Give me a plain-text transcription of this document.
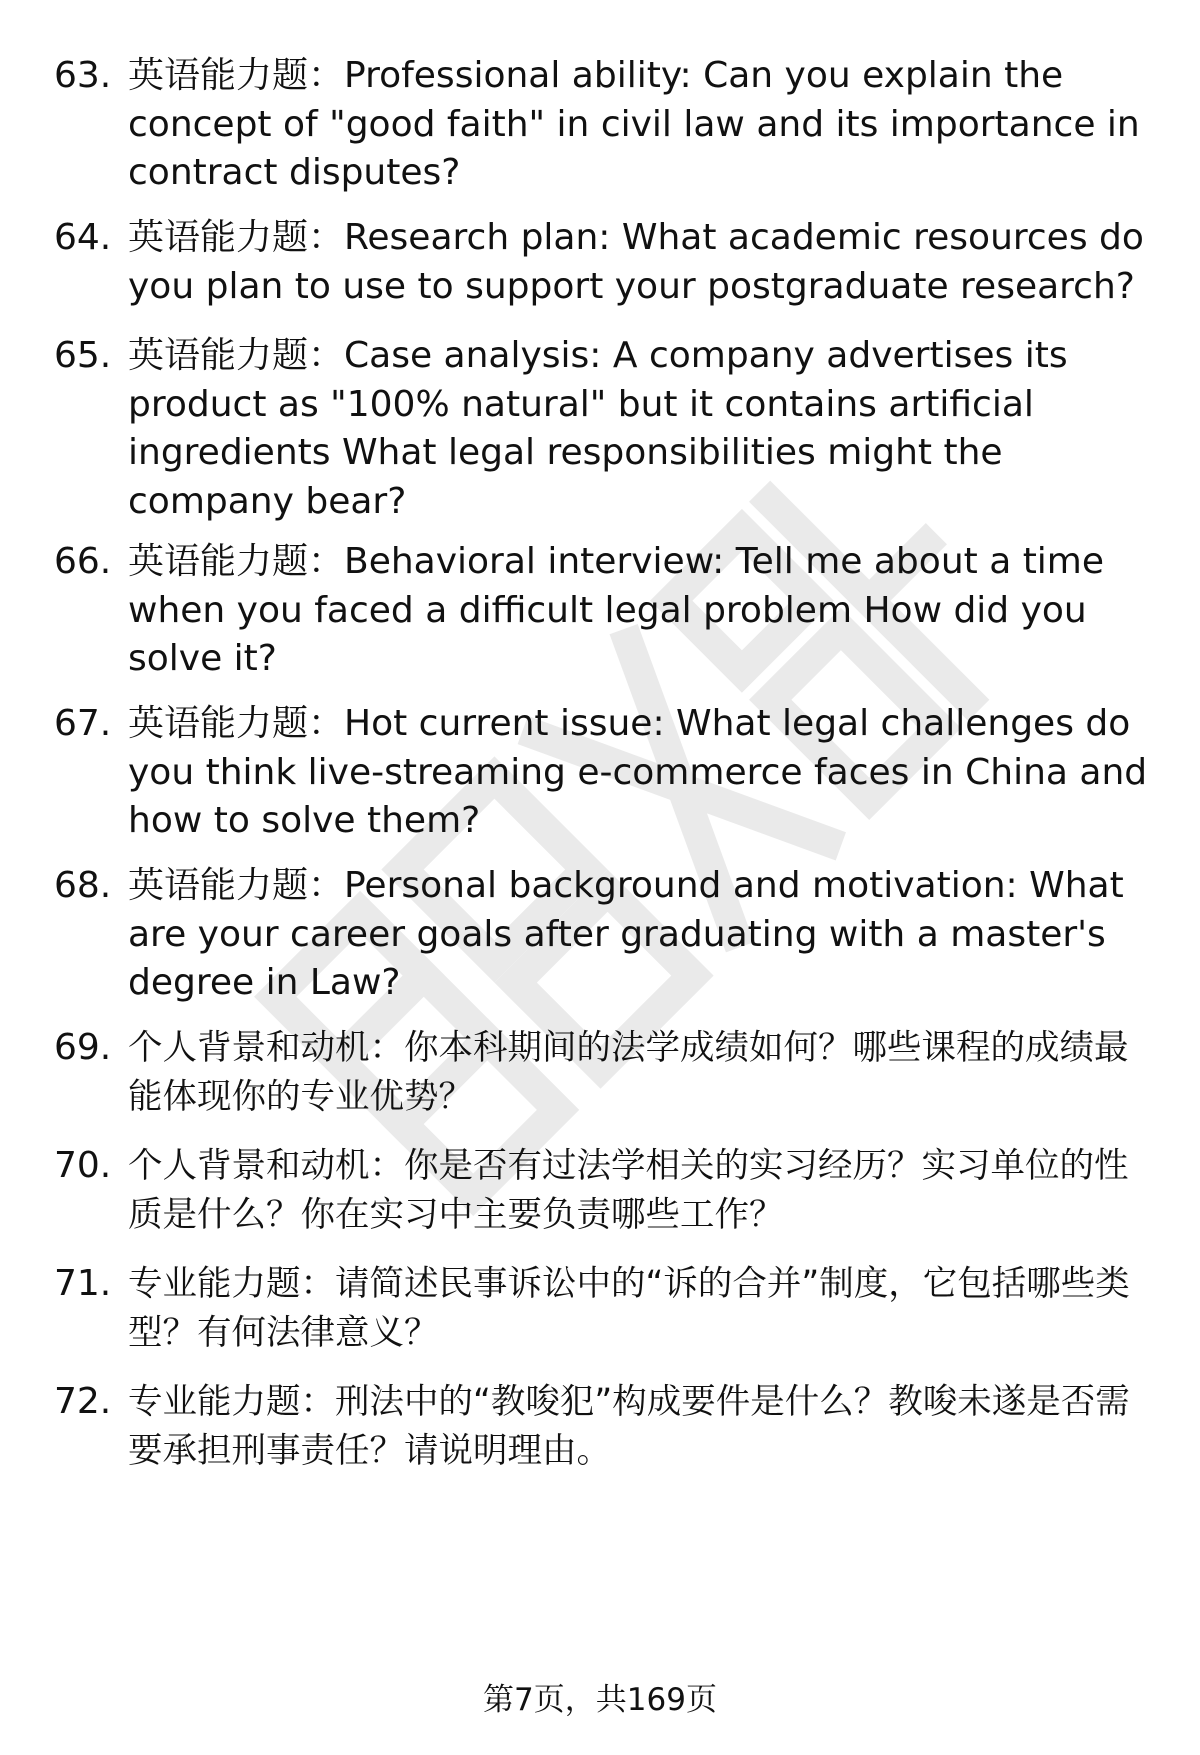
63. 英语能力题：Professional ability: Can you explain the concept of "good faith" in civil law and its importance in contract disputes?
64. 英语能力题：Research plan: What academic resources do you plan to use to support your postgraduate research?
65. 英语能力题：Case analysis: A company advertises its product as "100% natural" but it contains artificial ingredients What legal responsibilities might the company bear?
66. 英语能力题：Behavioral interview: Tell me about a time when you faced a difficult legal problem How did you solve it?
67. 英语能力题：Hot current issue: What legal challenges do you think live-streaming e-commerce faces in China and how to solve them?
68. 英语能力题：Personal background and motivation: What are your career goals after graduating with a master's degree in Law?
69. 个人背景和动机：你本科期间的法学成绩如何？哪些课程的成绩最能体现你的专业优势？
70. 个人背景和动机：你是否有过法学相关的实习经历？实习单位的性质是什么？你在实习中主要负责哪些工作？
71. 专业能力题：请简述民事诉讼中的“诉的合并”制度，它包括哪些类型？有何法律意义？
72. 专业能力题：刑法中的“教唆犯”构成要件是什么？教唆未遂是否需要承担刑事责任？请说明理由。
第7页，共169页
